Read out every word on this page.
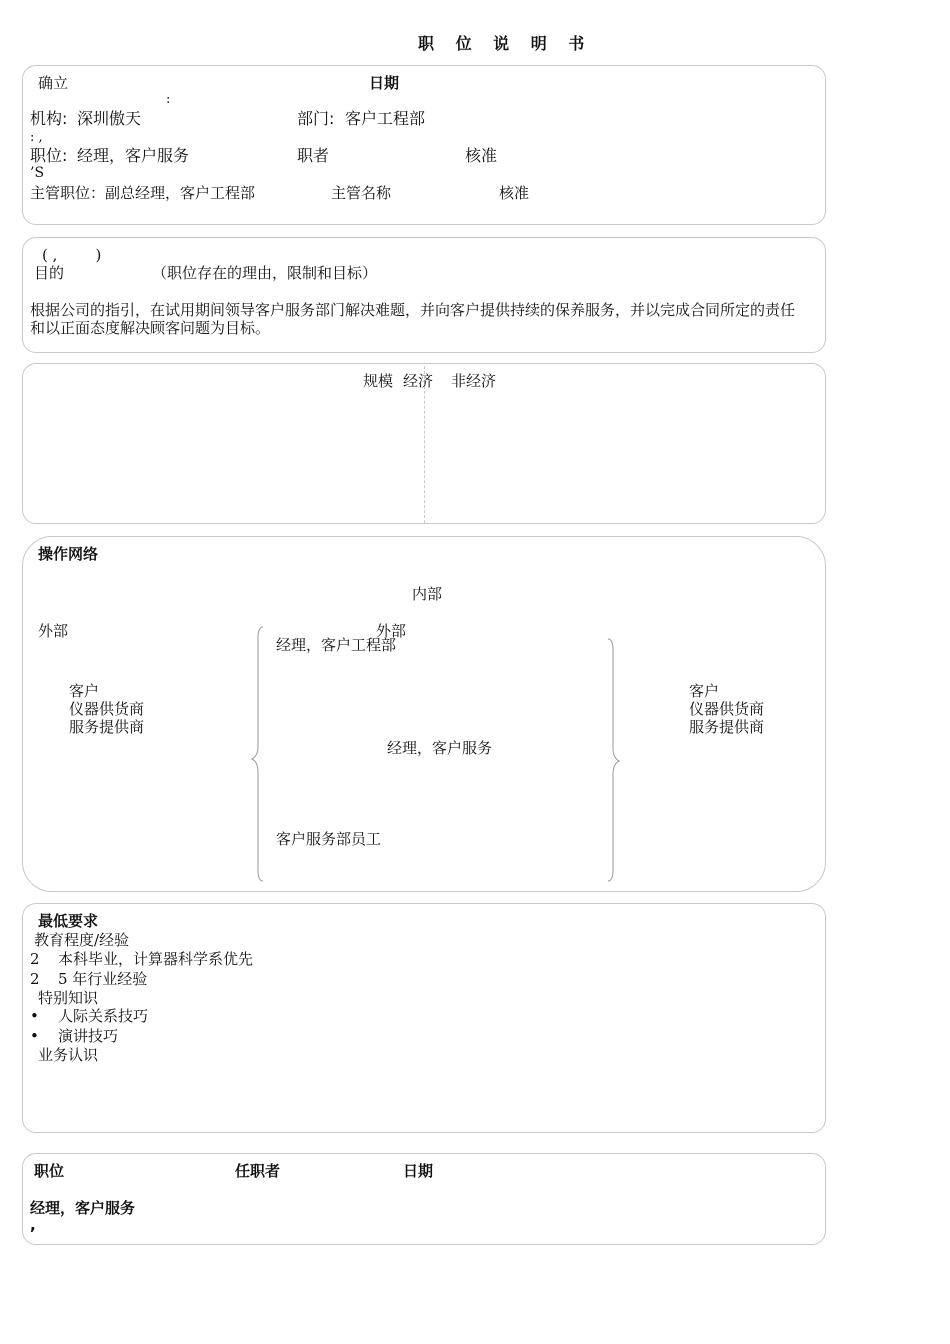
职 位 说 明 书
确立	日期
:
机构: 深圳傲天	部门: 客户工程部
: ,
职位: 经理，客户服务	职者	核准
’S
主管职位：副总经理，客户工程部	主管名称	核准
( ,        )
目的	（职位存在的理由，限制和目标）
根据公司的指引，在试用期间领导客户服务部门解决难题，并向客户提供持续的保养服务，并以完成合同所定的责任
和以正面态度解决顾客问题为目标。
规模 经济 非经济
操作网络
内部
外部	外部
经理，客户工程部
经理，客户服务
客户服务部员工
客户
仪器供货商
服务提供商
客户
仪器供货商
服务提供商
最低要求
教育程度/经验
2 本科毕业，计算器科学系优先
2 5 年行业经验
特别知识
• 人际关系技巧
• 演讲技巧
业务认识
职位	任职者	日期
经理，客户服务
,
